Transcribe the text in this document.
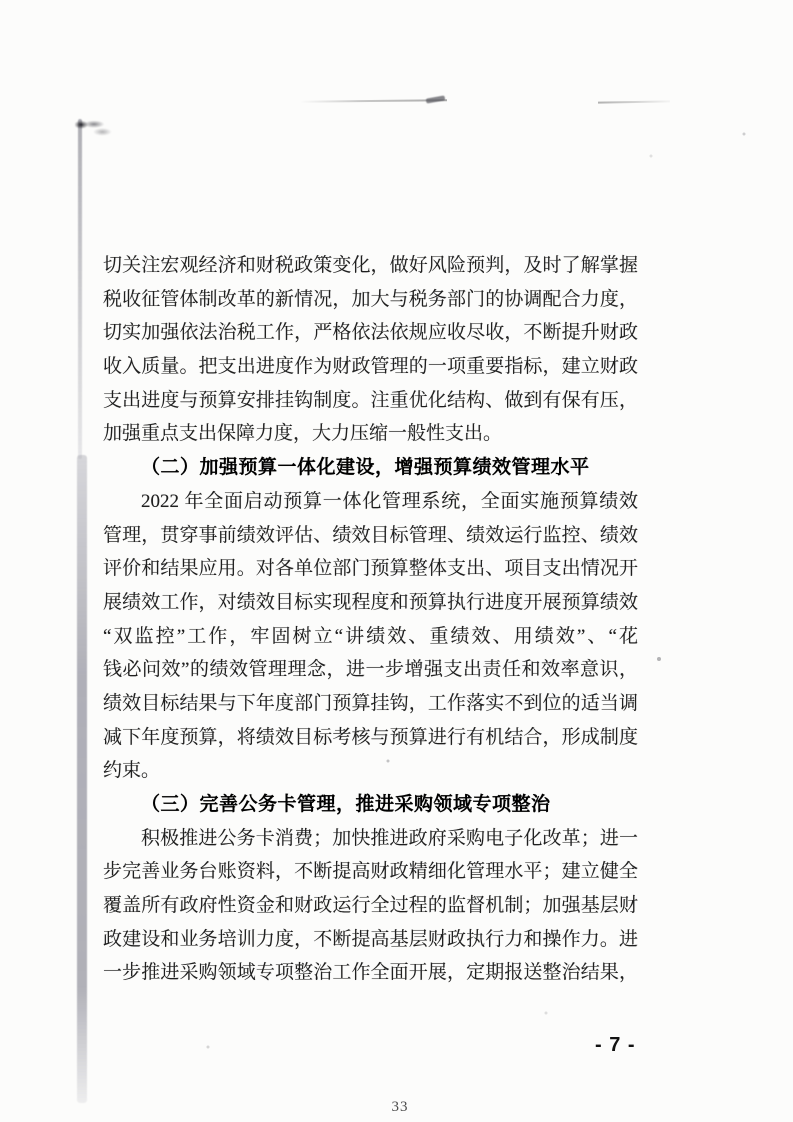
切关注宏观经济和财税政策变化，做好风险预判，及时了解掌握
税收征管体制改革的新情况，加大与税务部门的协调配合力度，
切实加强依法治税工作，严格依法依规应收尽收，不断提升财政
收入质量。把支出进度作为财政管理的一项重要指标，建立财政
支出进度与预算安排挂钩制度。注重优化结构、做到有保有压，
加强重点支出保障力度，大力压缩一般性支出。
（二）加强预算一体化建设，增强预算绩效管理水平
2022 年全面启动预算一体化管理系统，全面实施预算绩效
管理，贯穿事前绩效评估、绩效目标管理、绩效运行监控、绩效
评价和结果应用。对各单位部门预算整体支出、项目支出情况开
展绩效工作，对绩效目标实现程度和预算执行进度开展预算绩效
“双监控”工作，牢固树立“讲绩效、重绩效、用绩效”、“花
钱必问效”的绩效管理理念，进一步增强支出责任和效率意识，
绩效目标结果与下年度部门预算挂钩，工作落实不到位的适当调
减下年度预算，将绩效目标考核与预算进行有机结合，形成制度
约束。
（三）完善公务卡管理，推进采购领域专项整治
积极推进公务卡消费；加快推进政府采购电子化改革；进一
步完善业务台账资料，不断提高财政精细化管理水平；建立健全
覆盖所有政府性资金和财政运行全过程的监督机制；加强基层财
政建设和业务培训力度，不断提高基层财政执行力和操作力。进
一步推进采购领域专项整治工作全面开展，定期报送整治结果，
- 7 -
33
